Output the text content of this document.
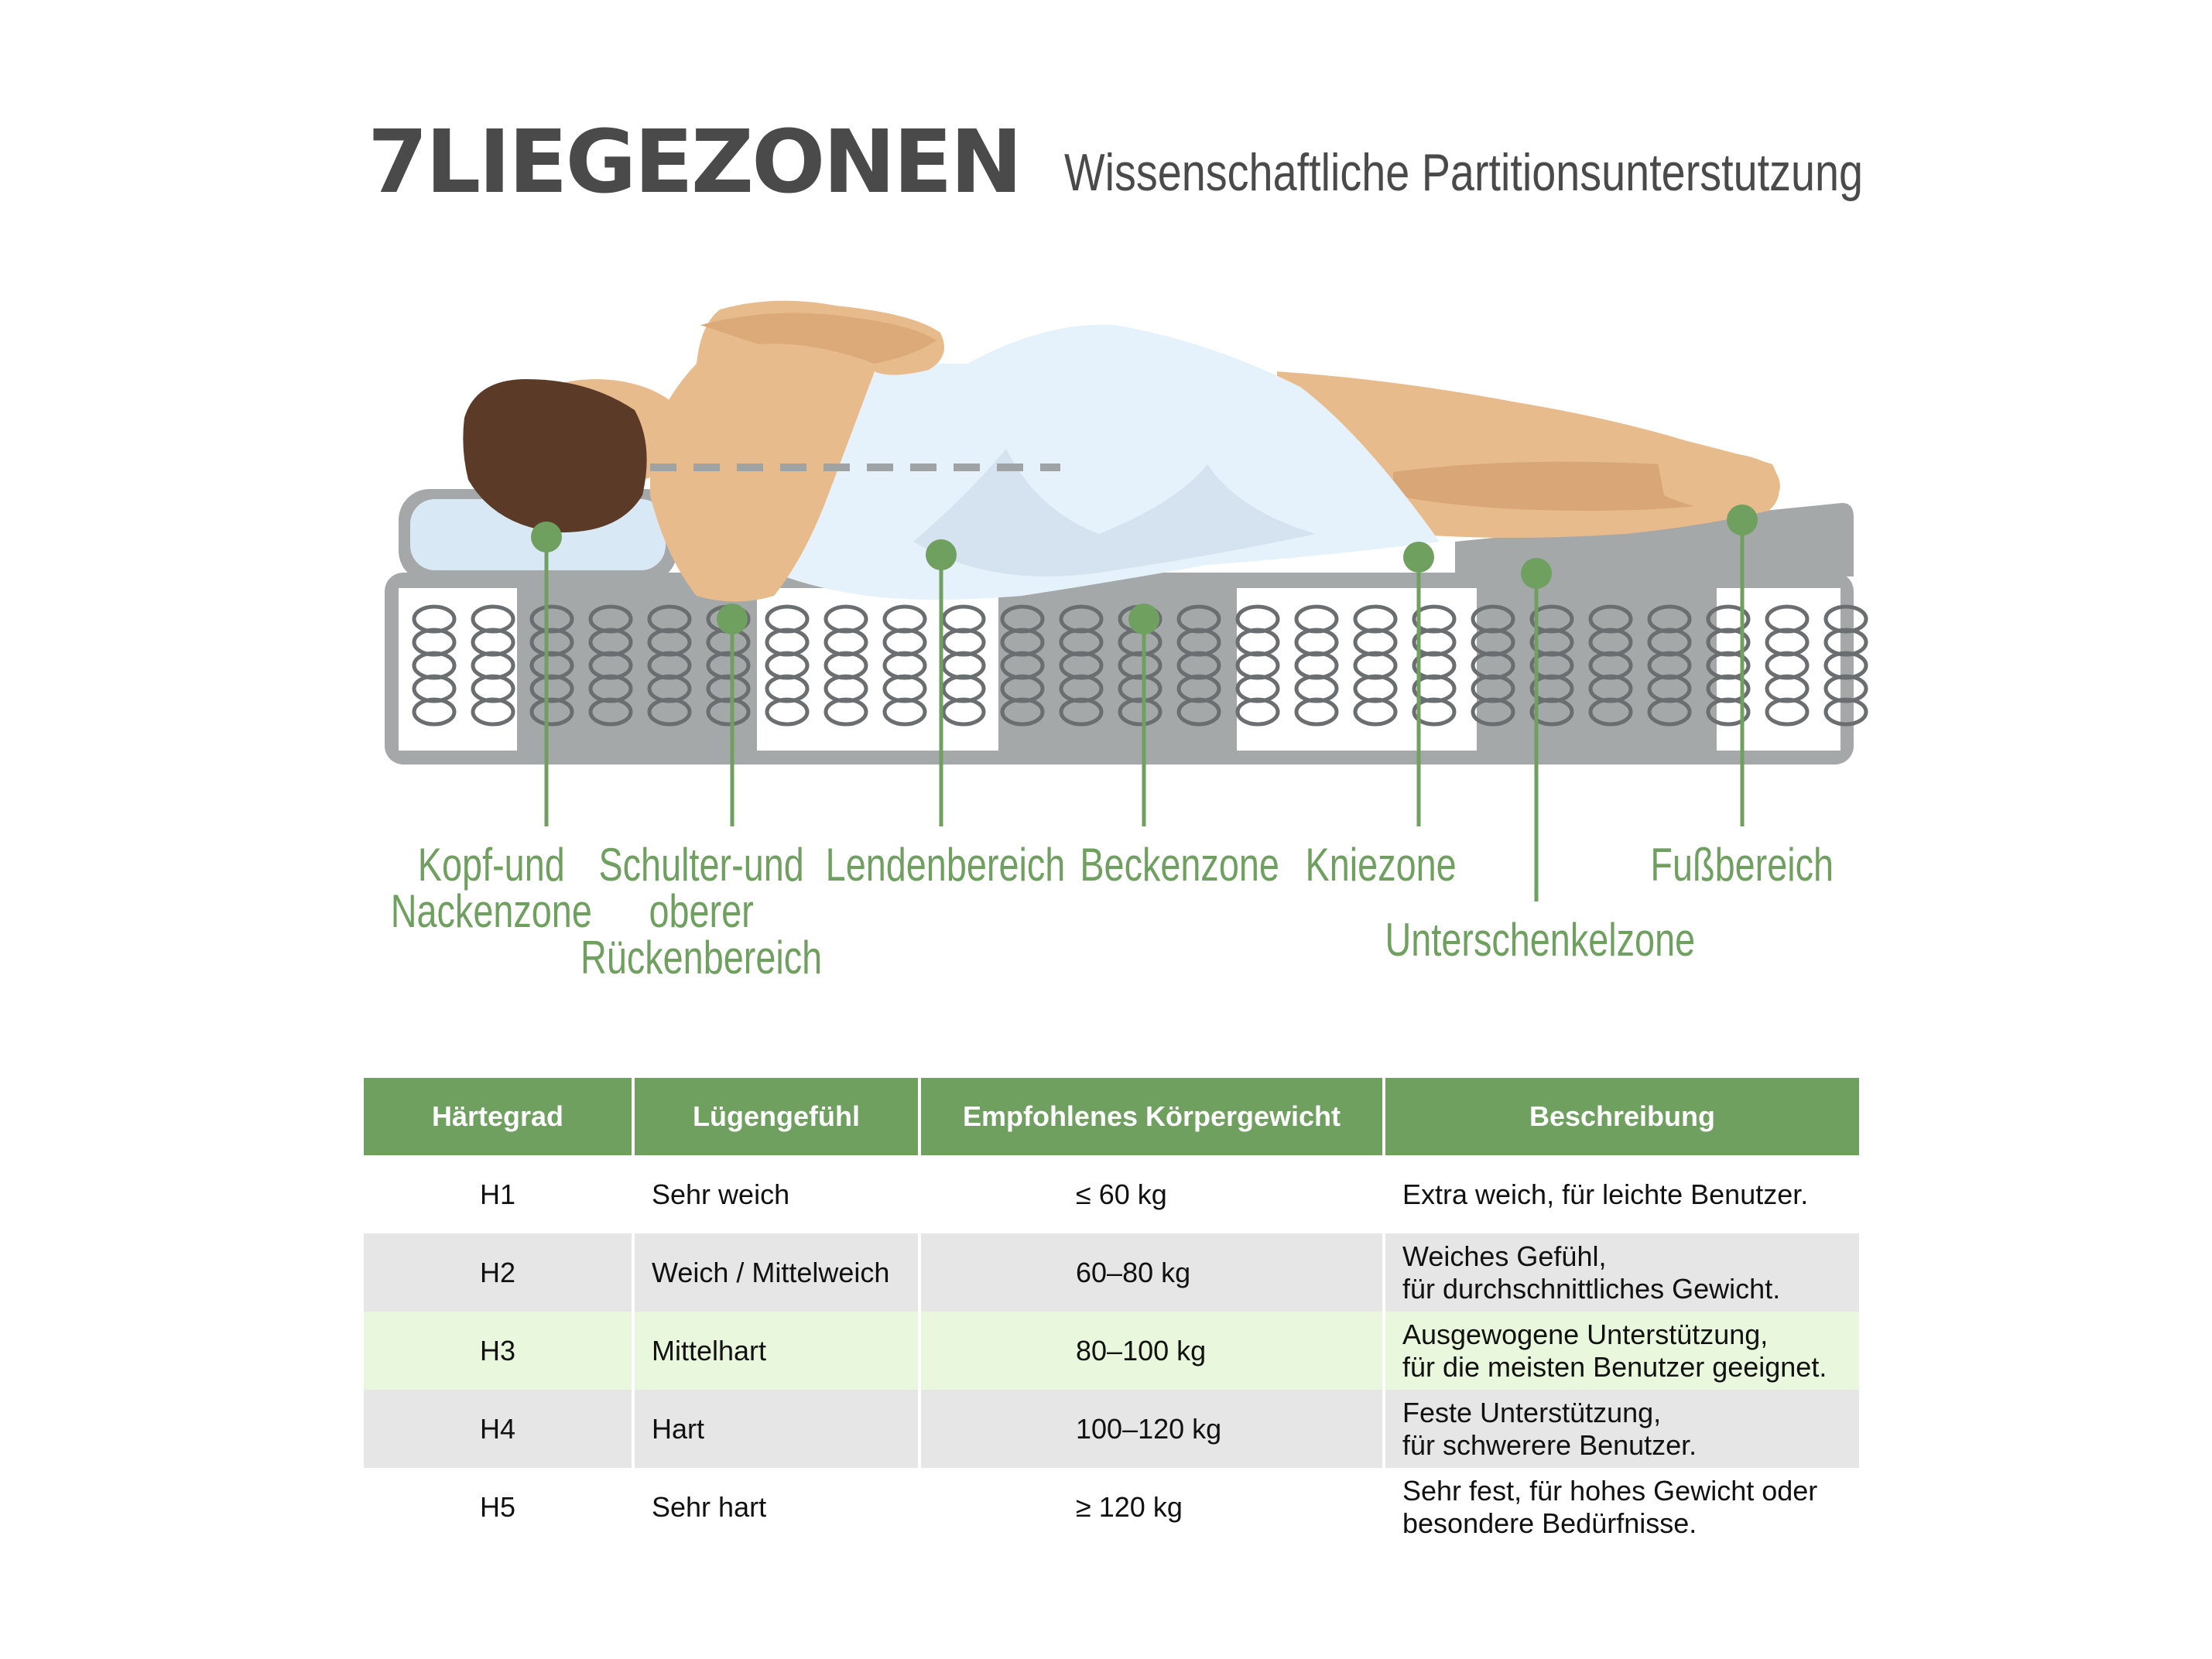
7LIEGEZONEN Wissenschaftliche Partitionsunterstutzung
Kopf-und
Nackenzone
Schulter-und
oberer
Rückenbereich
Lendenbereich Beckenzone Kniezone
Unterschenkelzone
Fußbereich
Härtegrad	Lügengefühl	Empfohlenes Körpergewicht	Beschreibung
H1	Sehr weich	≤ 60 kg	Extra weich, für leichte Benutzer.
H2	Weich / Mittelweich	60–80 kg
Weiches Gefühl,
für durchschnittliches Gewicht.
H3	Mittelhart	80–100 kg
Ausgewogene Unterstützung,
für die meisten Benutzer geeignet.
H4	Hart	100–120 kg
Feste Unterstützung,
für schwerere Benutzer.
H5	Sehr hart	≥ 120 kg
Sehr fest, für hohes Gewicht oder
besondere Bedürfnisse.
